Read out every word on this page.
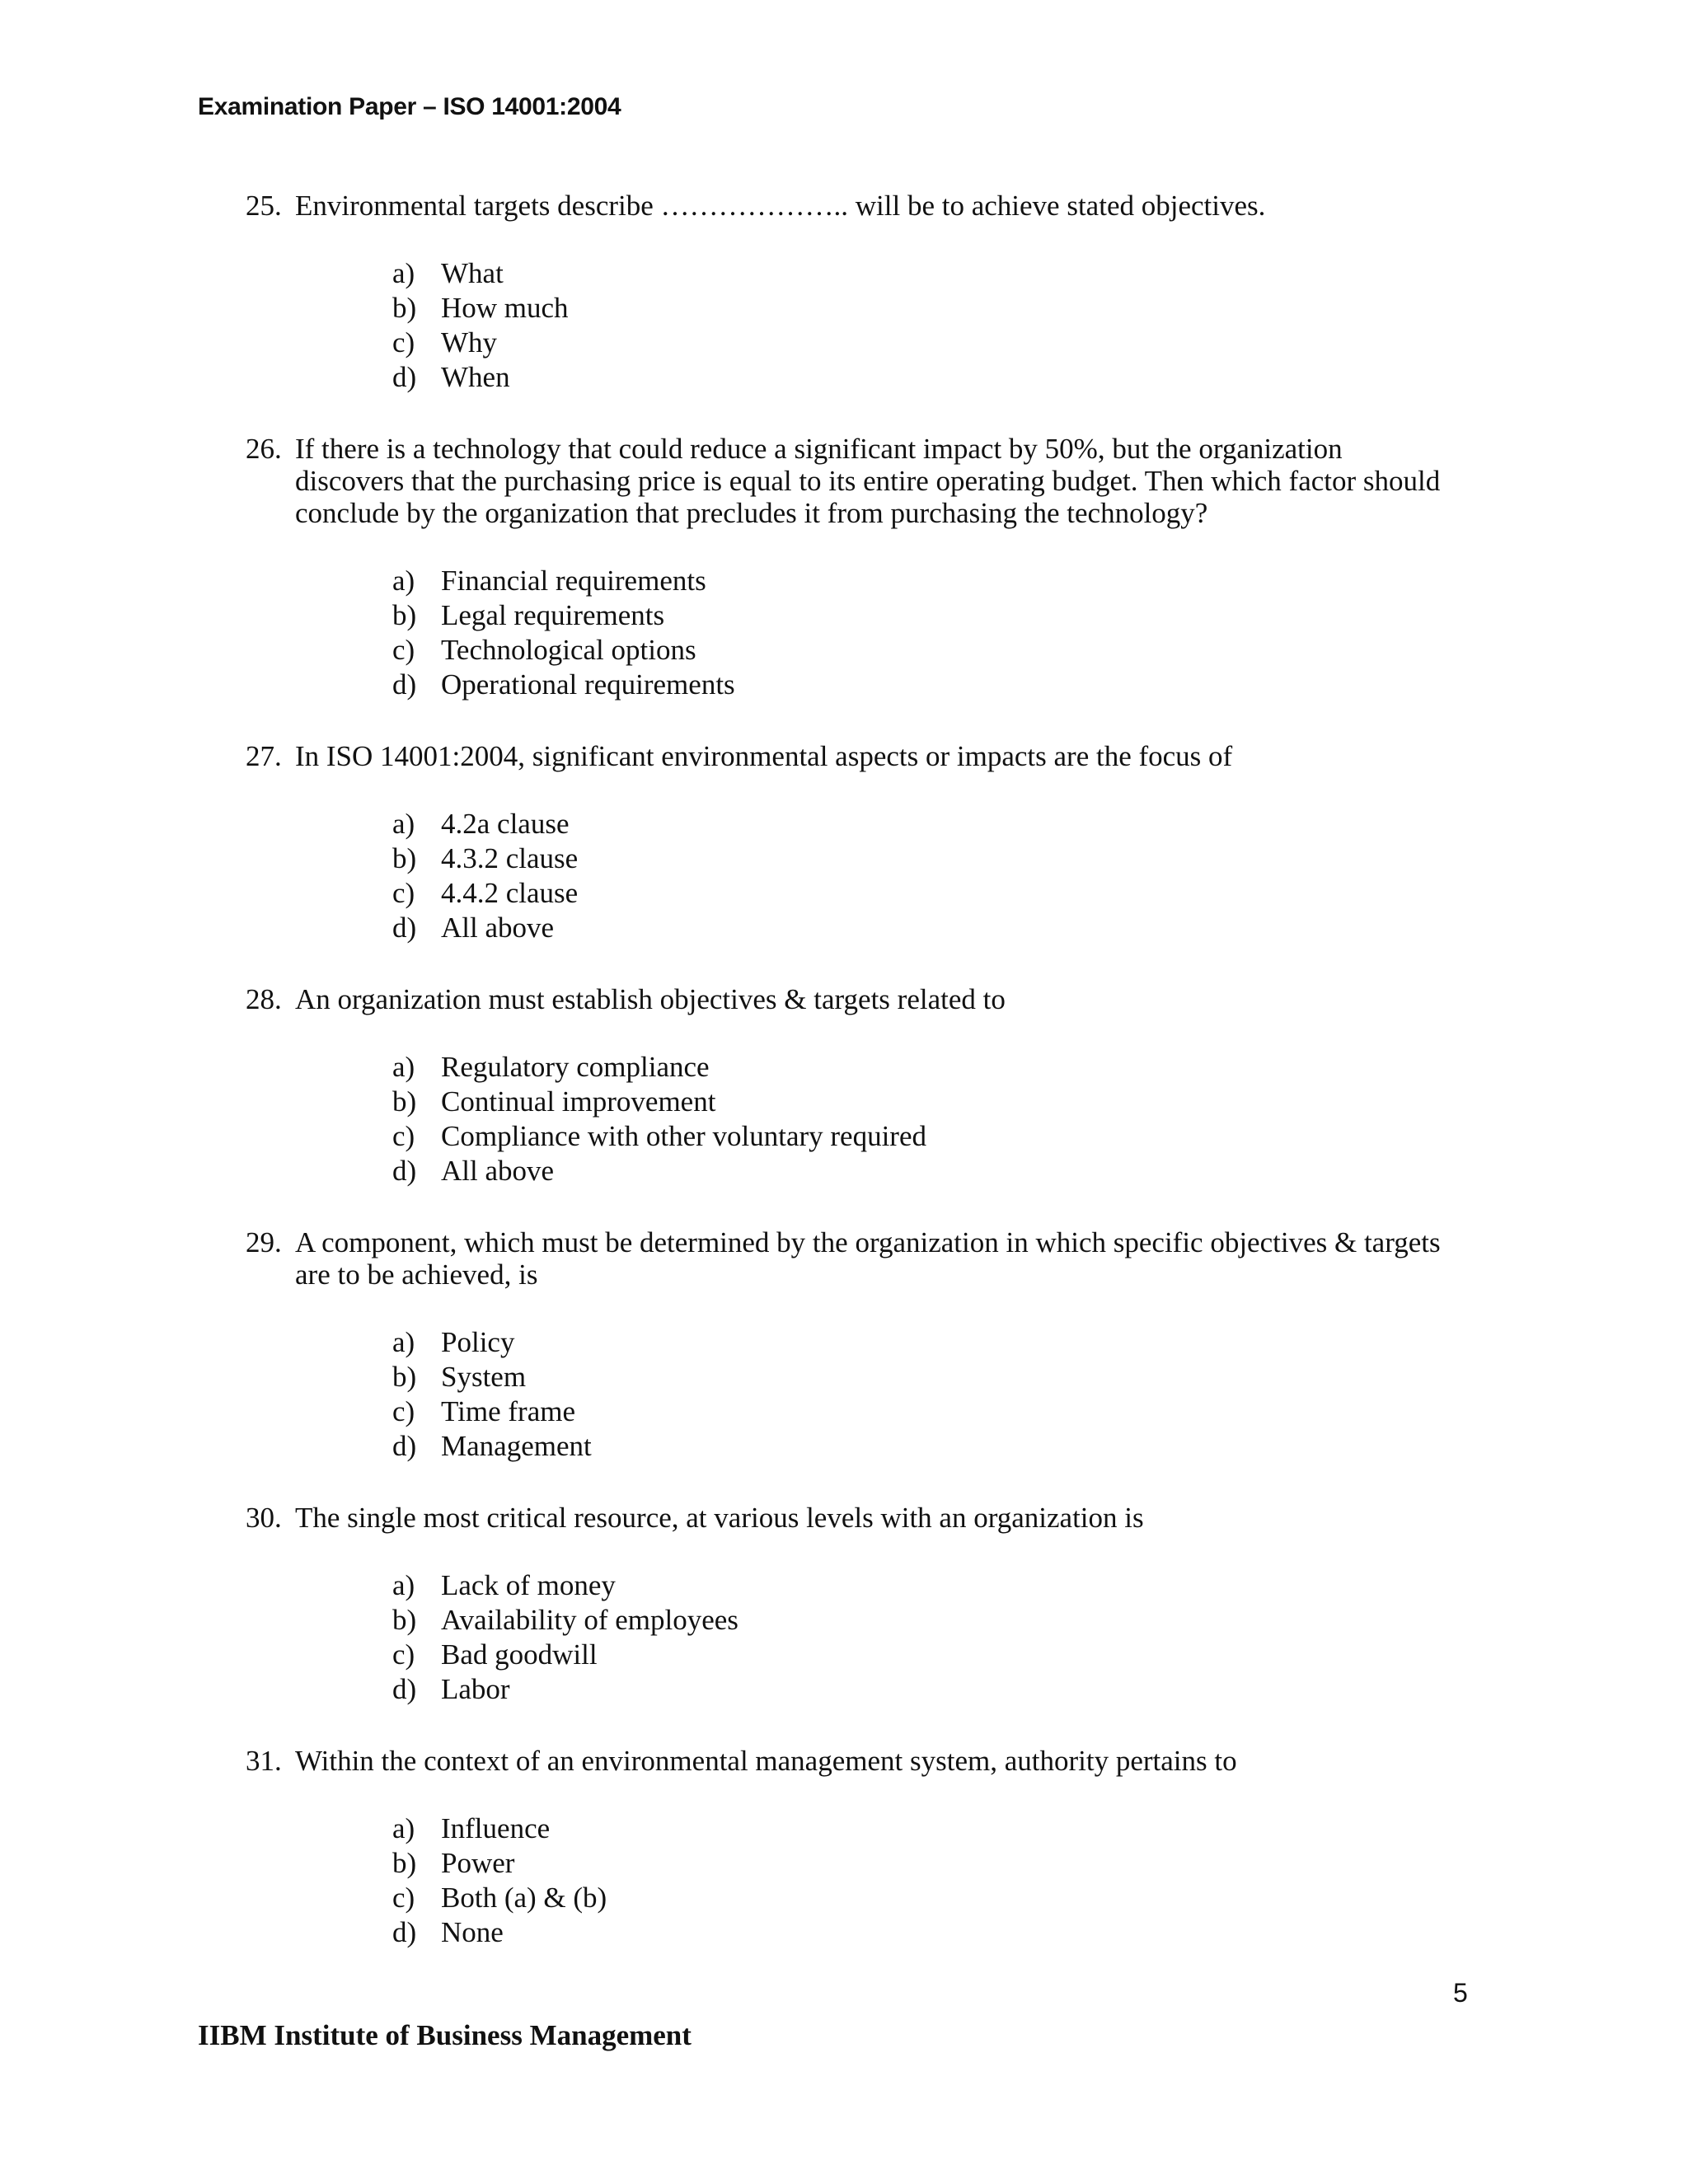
Examination Paper – ISO 14001:2004
25. Environmental targets describe ……………….. will be to achieve stated objectives.
a) What
b) How much
c) Why
d) When
26. If there is a technology that could reduce a significant impact by 50%, but the organization discovers that the purchasing price is equal to its entire operating budget. Then which factor should conclude by the organization that precludes it from purchasing the technology?
a) Financial requirements
b) Legal requirements
c) Technological options
d) Operational requirements
27. In ISO 14001:2004, significant environmental aspects or impacts are the focus of
a) 4.2a clause
b) 4.3.2 clause
c) 4.4.2 clause
d) All above
28. An organization must establish objectives & targets related to
a) Regulatory compliance
b) Continual improvement
c) Compliance with other voluntary required
d) All above
29. A component, which must be determined by the organization in which specific objectives & targets are to be achieved, is
a) Policy
b) System
c) Time frame
d) Management
30. The single most critical resource, at various levels with an organization is
a) Lack of money
b) Availability of employees
c) Bad goodwill
d) Labor
31. Within the context of an environmental management system, authority pertains to
a) Influence
b) Power
c) Both (a) & (b)
d) None
5
IIBM Institute of Business Management
